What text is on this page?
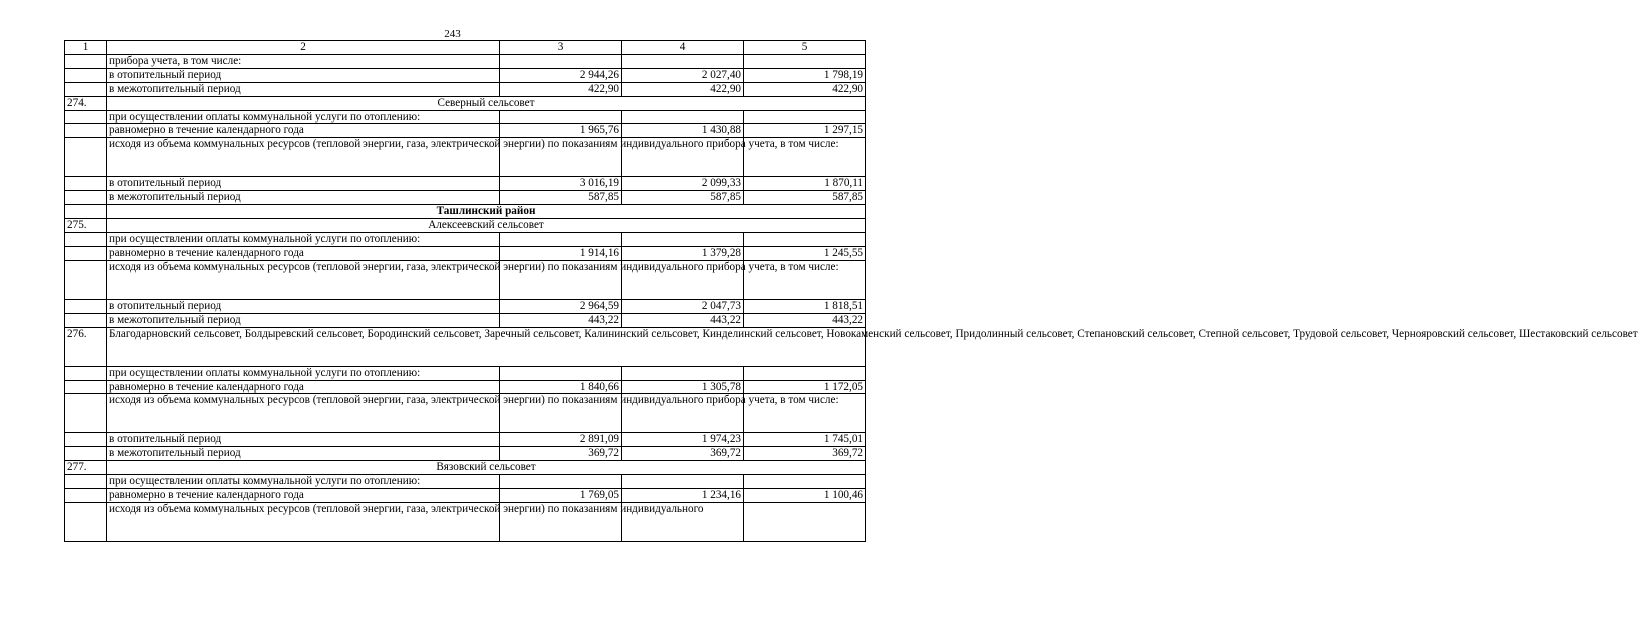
243
1	2	3	4	5
	прибора учета, в том числе:			
	в отопительный период	2 944,26	2 027,40	1 798,19
	в межотопительный период	422,90	422,90	422,90
274.	Северный сельсовет			
	при осуществлении оплаты коммунальной услуги по отоплению:			
	равномерно в течение календарного года	1 965,76	1 430,88	1 297,15
	исходя из объема коммунальных ресурсов (тепловой энергии, газа, электрической энергии) по показаниям индивидуального прибора учета, в том числе:			
	в отопительный период	3 016,19	2 099,33	1 870,11
	в межотопительный период	587,85	587,85	587,85
	Ташлинский район			
275.	Алексеевский сельсовет			
	при осуществлении оплаты коммунальной услуги по отоплению:			
	равномерно в течение календарного года	1 914,16	1 379,28	1 245,55
	исходя из объема коммунальных ресурсов (тепловой энергии, газа, электрической энергии) по показаниям индивидуального прибора учета, в том числе:			
	в отопительный период	2 964,59	2 047,73	1 818,51
	в межотопительный период	443,22	443,22	443,22
276.	Благодарновский сельсовет, Болдыревский сельсовет, Бородинский сельсовет, Заречный сельсовет, Калининский сельсовет, Кинделинский сельсовет, Новокаменский сельсовет, Придолинный сельсовет, Степановский сельсовет, Степной сельсовет, Трудовой сельсовет, Чернояровский сельсовет, Шестаковский сельсовет			
	при осуществлении оплаты коммунальной услуги по отоплению:			
	равномерно в течение календарного года	1 840,66	1 305,78	1 172,05
	исходя из объема коммунальных ресурсов (тепловой энергии, газа, электрической энергии) по показаниям индивидуального прибора учета, в том числе:			
	в отопительный период	2 891,09	1 974,23	1 745,01
	в межотопительный период	369,72	369,72	369,72
277.	Вязовский сельсовет			
	при осуществлении оплаты коммунальной услуги по отоплению:			
	равномерно в течение календарного года	1 769,05	1 234,16	1 100,46
	исходя из объема коммунальных ресурсов (тепловой энергии, газа, электрической энергии) по показаниям индивидуального			
